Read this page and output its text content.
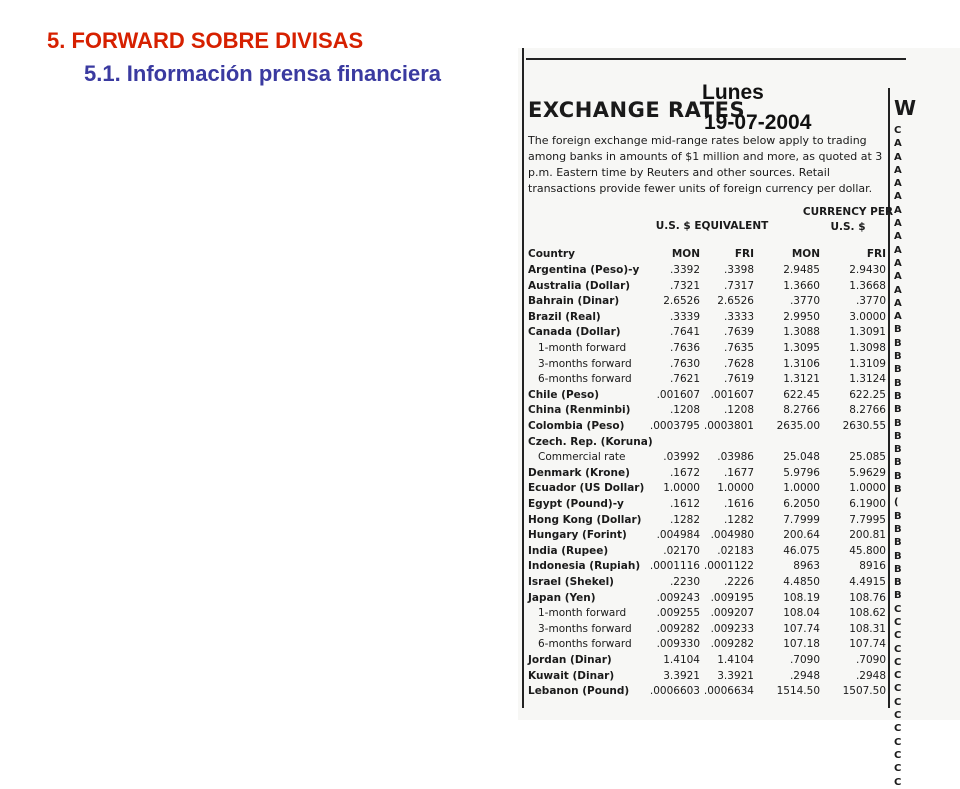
5. FORWARD SOBRE DIVISAS
5.1. Información prensa financiera
EXCHANGE RATES
Lunes
19-07-2004
The foreign exchange mid-range rates below apply to trading among banks in amounts of $1 million and more, as quoted at 3 p.m. Eastern time by Reuters and other sources. Retail transactions provide fewer units of foreign currency per dollar.
U.S. $ EQUIVALENT
CURRENCY PER U.S. $
Country	MON	FRI	MON	FRI
Argentina (Peso)-y	.3392	.3398	2.9485	2.9430
Australia (Dollar)	.7321	.7317	1.3660	1.3668
Bahrain (Dinar)	2.6526	2.6526	.3770	.3770
Brazil (Real)	.3339	.3333	2.9950	3.0000
Canada (Dollar)	.7641	.7639	1.3088	1.3091
1-month forward	.7636	.7635	1.3095	1.3098
3-months forward	.7630	.7628	1.3106	1.3109
6-months forward	.7621	.7619	1.3121	1.3124
Chile (Peso)	.001607	.001607	622.45	622.25
China (Renminbi)	.1208	.1208	8.2766	8.2766
Colombia (Peso)	.0003795 .0003801	2635.00	2630.55
Czech. Rep. (Koruna)
Commercial rate	.03992	.03986	25.048	25.085
Denmark (Krone)	.1672	.1677	5.9796	5.9629
Ecuador (US Dollar)	1.0000	1.0000	1.0000	1.0000
Egypt (Pound)-y	.1612	.1616	6.2050	6.1900
Hong Kong (Dollar)	.1282	.1282	7.7999	7.7995
Hungary (Forint)	.004984	.004980	200.64	200.81
India (Rupee)	.02170	.02183	46.075	45.800
Indonesia (Rupiah) .0001116 .0001122	8963	8916
Israel (Shekel)	.2230	.2226	4.4850	4.4915
Japan (Yen)	.009243	.009195	108.19	108.76
1-month forward	.009255	.009207	108.04	108.62
3-months forward	.009282	.009233	107.74	108.31
6-months forward	.009330	.009282	107.18	107.74
Jordan (Dinar)	1.4104	1.4104	.7090	.7090
Kuwait (Dinar)	3.3921	3.3921	.2948	.2948
Lebanon (Pound)	.0006603 .0006634	1514.50	1507.50
W
C
A
A
A
A
A
A
A
A
A
A
A
A
A
A
B
B
B
B
B
B
B
B
B
B
B
B
B
(
B
B
B
B
B
B
B
C
C
C
C
C
C
C
C
C
C
C
C
C
C
